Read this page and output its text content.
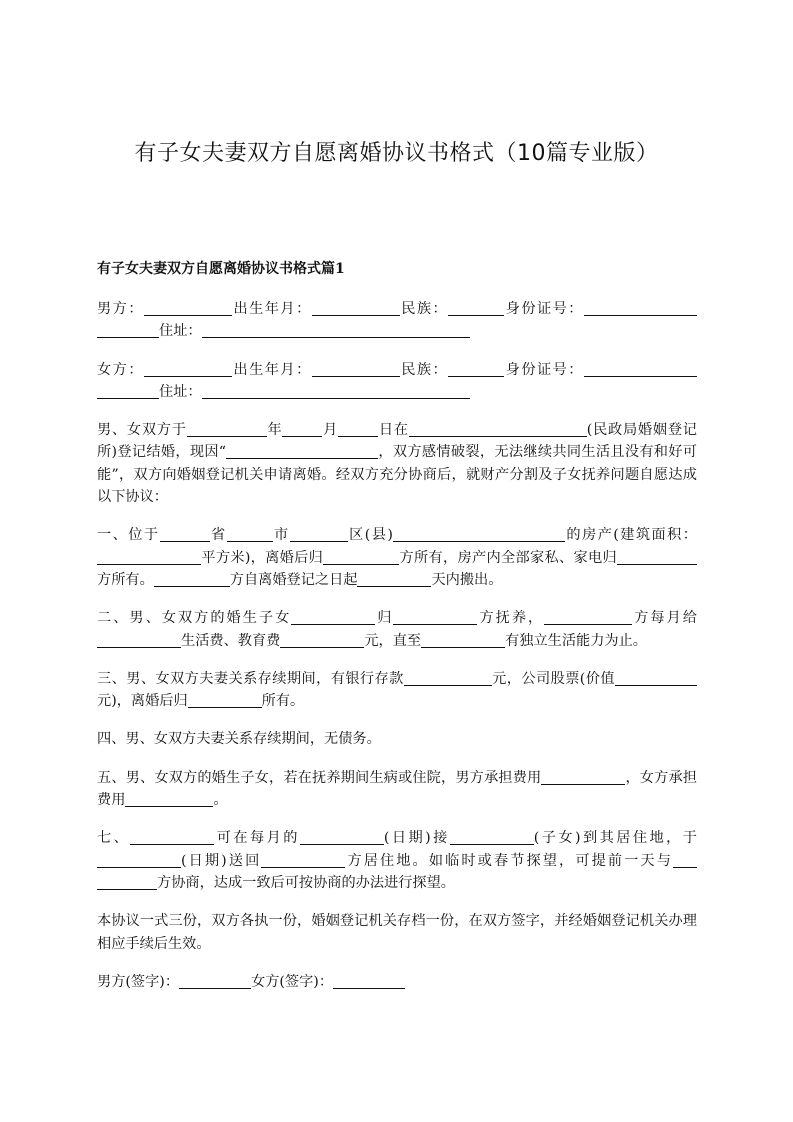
有子女夫妻双方自愿离婚协议书格式（10篇专业版）
有子女夫妻双方自愿离婚协议书格式篇1

男方：	出生年月：	民族：	身份证号：住址：

女方：	出生年月：	民族：	身份证号：住址：

男、女双方于	年	月	日在	(民政局婚姻登记所)登记结婚，现因“	，双方感情破裂，无法继续共同生活且没有和好可能”，双方向婚姻登记机关申请离婚。经双方充分协商后，就财产分割及子女抚养问题自愿达成以下协议：

一、位于	省	市	区(县)	的房产(建筑面积：平方米)，离婚后归	方所有，房产内全部家私、家电归方所有。	方自离婚登记之日起	天内搬出。

二、男、女双方的婚生子女	归	方抚养，	方每月给生活费、教育费	元，直至	有独立生活能力为止。

三、男、女双方夫妻关系存续期间，有银行存款	元，公司股票(价值元)，离婚后归	所有。

四、男、女双方夫妻关系存续期间，无债务。

五、男、女双方的婚生子女，若在抚养期间生病或住院，男方承担费用	，女方承担费用	。

七、	可在每月的	(日期)接	(子女)到其居住地，于(日期)送回	方居住地。如临时或春节探望，可提前一天与方协商，达成一致后可按协商的办法进行探望。

本协议一式三份，双方各执一份，婚姻登记机关存档一份，在双方签字，并经婚姻登记机关办理相应手续后生效。

男方(签字)：	女方(签字)：
